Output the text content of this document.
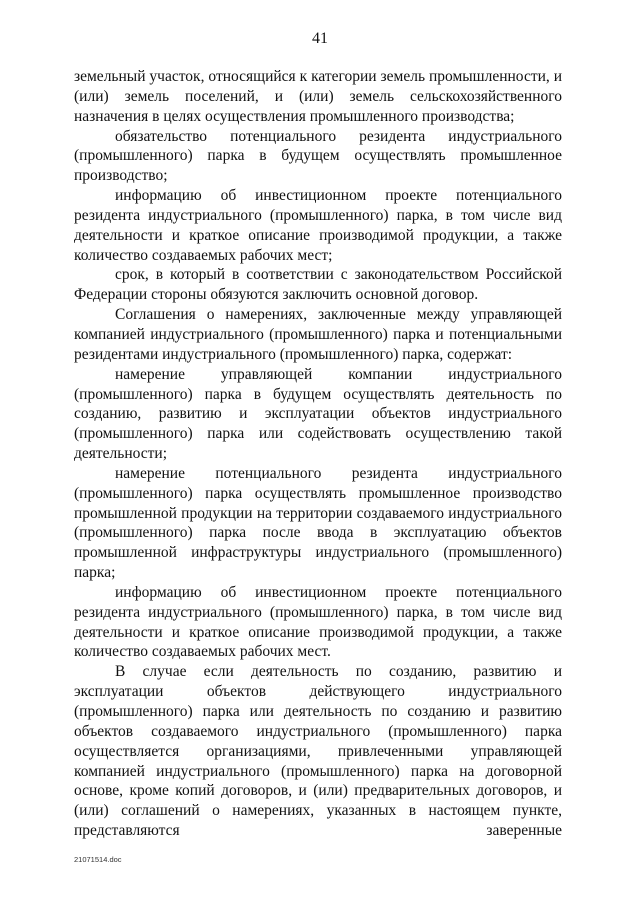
41

земельный участок, относящийся к категории земель промышленности, и (или) земель поселений, и (или) земель сельскохозяйственного назначения в целях осуществления промышленного производства;

обязательство потенциального резидента индустриального (промышленного) парка в будущем осуществлять промышленное производство;

информацию об инвестиционном проекте потенциального резидента индустриального (промышленного) парка, в том числе вид деятельности и краткое описание производимой продукции, а также количество создаваемых рабочих мест;

срок, в который в соответствии с законодательством Российской Федерации стороны обязуются заключить основной договор.

Соглашения о намерениях, заключенные между управляющей компанией индустриального (промышленного) парка и потенциальными резидентами индустриального (промышленного) парка, содержат:

намерение управляющей компании индустриального (промышленного) парка в будущем осуществлять деятельность по созданию, развитию и эксплуатации объектов индустриального (промышленного) парка или содействовать осуществлению такой деятельности;

намерение потенциального резидента индустриального (промышленного) парка осуществлять промышленное производство промышленной продукции на территории создаваемого индустриального (промышленного) парка после ввода в эксплуатацию объектов промышленной инфраструктуры индустриального (промышленного) парка;

информацию об инвестиционном проекте потенциального резидента индустриального (промышленного) парка, в том числе вид деятельности и краткое описание производимой продукции, а также количество создаваемых рабочих мест.

В случае если деятельность по созданию, развитию и эксплуатации объектов действующего индустриального (промышленного) парка или деятельность по созданию и развитию объектов создаваемого индустриального (промышленного) парка осуществляется организациями, привлеченными управляющей компанией индустриального (промышленного) парка на договорной основе, кроме копий договоров, и (или) предварительных договоров, и (или) соглашений о намерениях, указанных в настоящем пункте, представляются заверенные

21071514.doc
